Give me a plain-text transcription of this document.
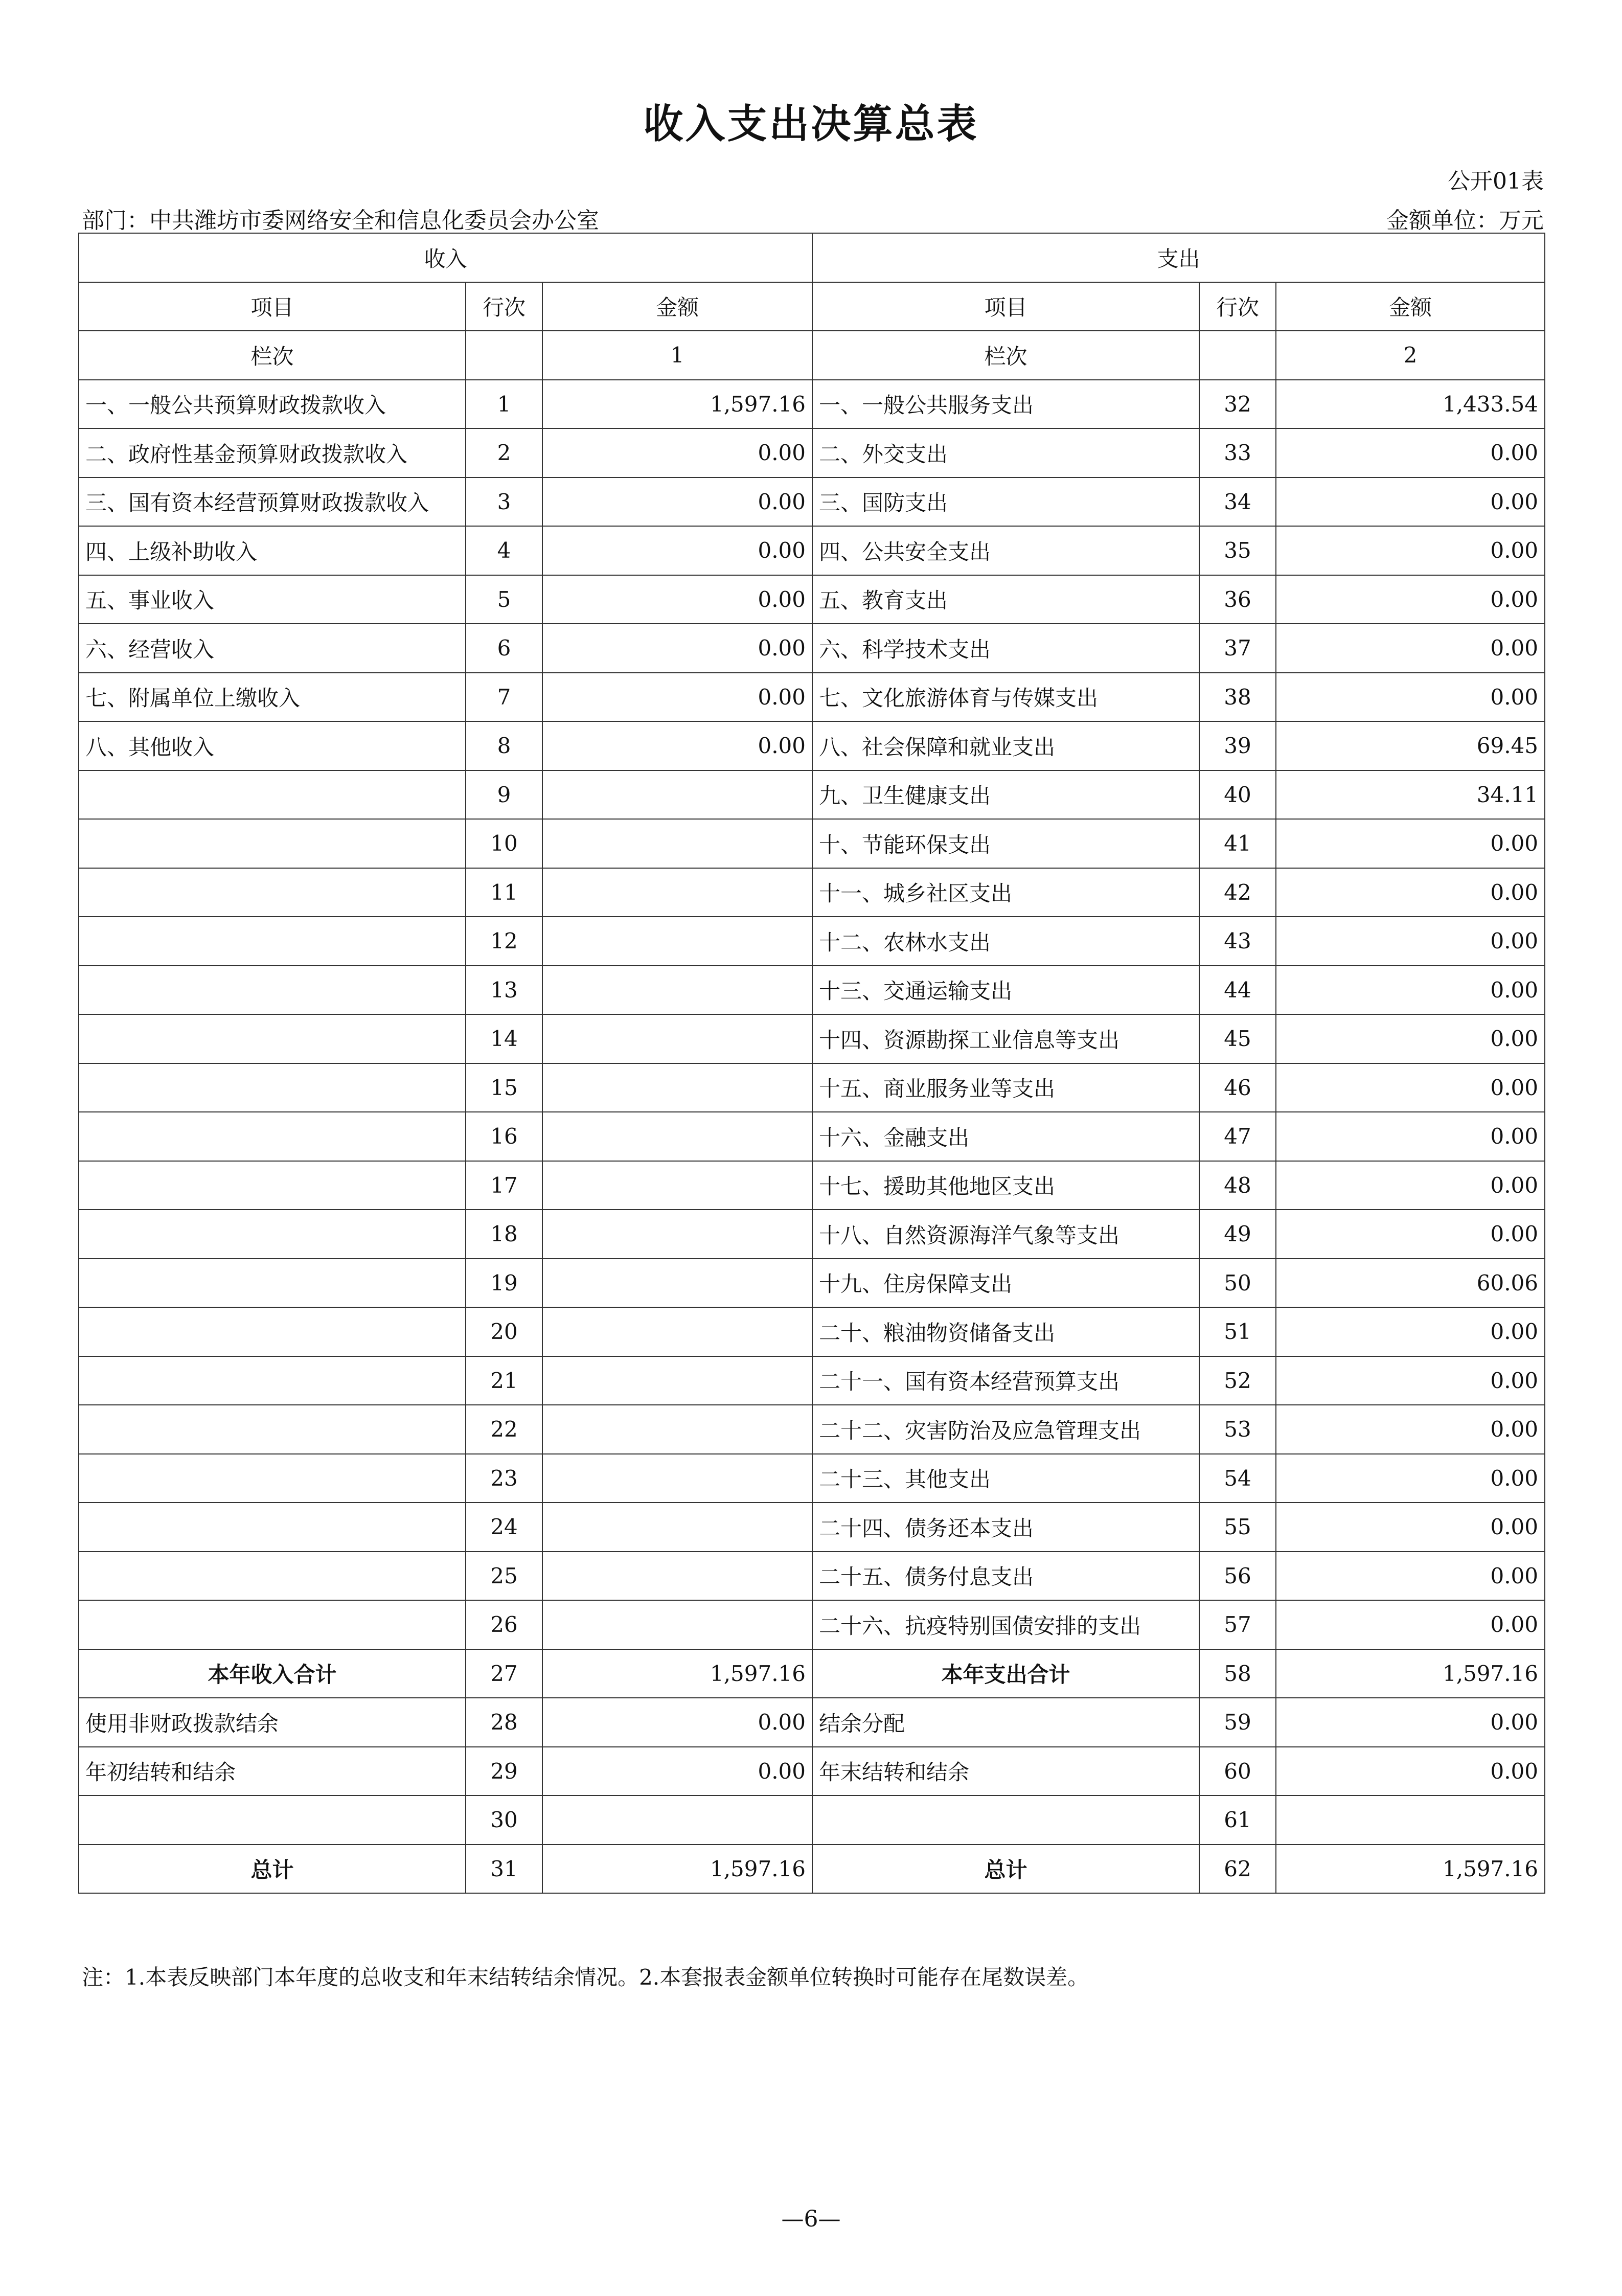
收入支出决算总表
公开01表
部门：中共潍坊市委网络安全和信息化委员会办公室	金额单位：万元
收入			支出		
项目	行次	金额	项目	行次	金额
栏次		1	栏次		2
一、一般公共预算财政拨款收入	1	1,597.16	一、一般公共服务支出	32	1,433.54
二、政府性基金预算财政拨款收入	2	0.00	二、外交支出	33	0.00
三、国有资本经营预算财政拨款收入	3	0.00	三、国防支出	34	0.00
四、上级补助收入	4	0.00	四、公共安全支出	35	0.00
五、事业收入	5	0.00	五、教育支出	36	0.00
六、经营收入	6	0.00	六、科学技术支出	37	0.00
七、附属单位上缴收入	7	0.00	七、文化旅游体育与传媒支出	38	0.00
八、其他收入	8	0.00	八、社会保障和就业支出	39	69.45
	9		九、卫生健康支出	40	34.11
	10		十、节能环保支出	41	0.00
	11		十一、城乡社区支出	42	0.00
	12		十二、农林水支出	43	0.00
	13		十三、交通运输支出	44	0.00
	14		十四、资源勘探工业信息等支出	45	0.00
	15		十五、商业服务业等支出	46	0.00
	16		十六、金融支出	47	0.00
	17		十七、援助其他地区支出	48	0.00
	18		十八、自然资源海洋气象等支出	49	0.00
	19		十九、住房保障支出	50	60.06
	20		二十、粮油物资储备支出	51	0.00
	21		二十一、国有资本经营预算支出	52	0.00
	22		二十二、灾害防治及应急管理支出	53	0.00
	23		二十三、其他支出	54	0.00
	24		二十四、债务还本支出	55	0.00
	25		二十五、债务付息支出	56	0.00
	26		二十六、抗疫特别国债安排的支出	57	0.00
本年收入合计	27	1,597.16	本年支出合计	58	1,597.16
使用非财政拨款结余	28	0.00	结余分配	59	0.00
年初结转和结余	29	0.00	年末结转和结余	60	0.00
	30			61	
总计	31	1,597.16	总计	62	1,597.16
注：1.本表反映部门本年度的总收支和年末结转结余情况。2.本套报表金额单位转换时可能存在尾数误差。
—6—
